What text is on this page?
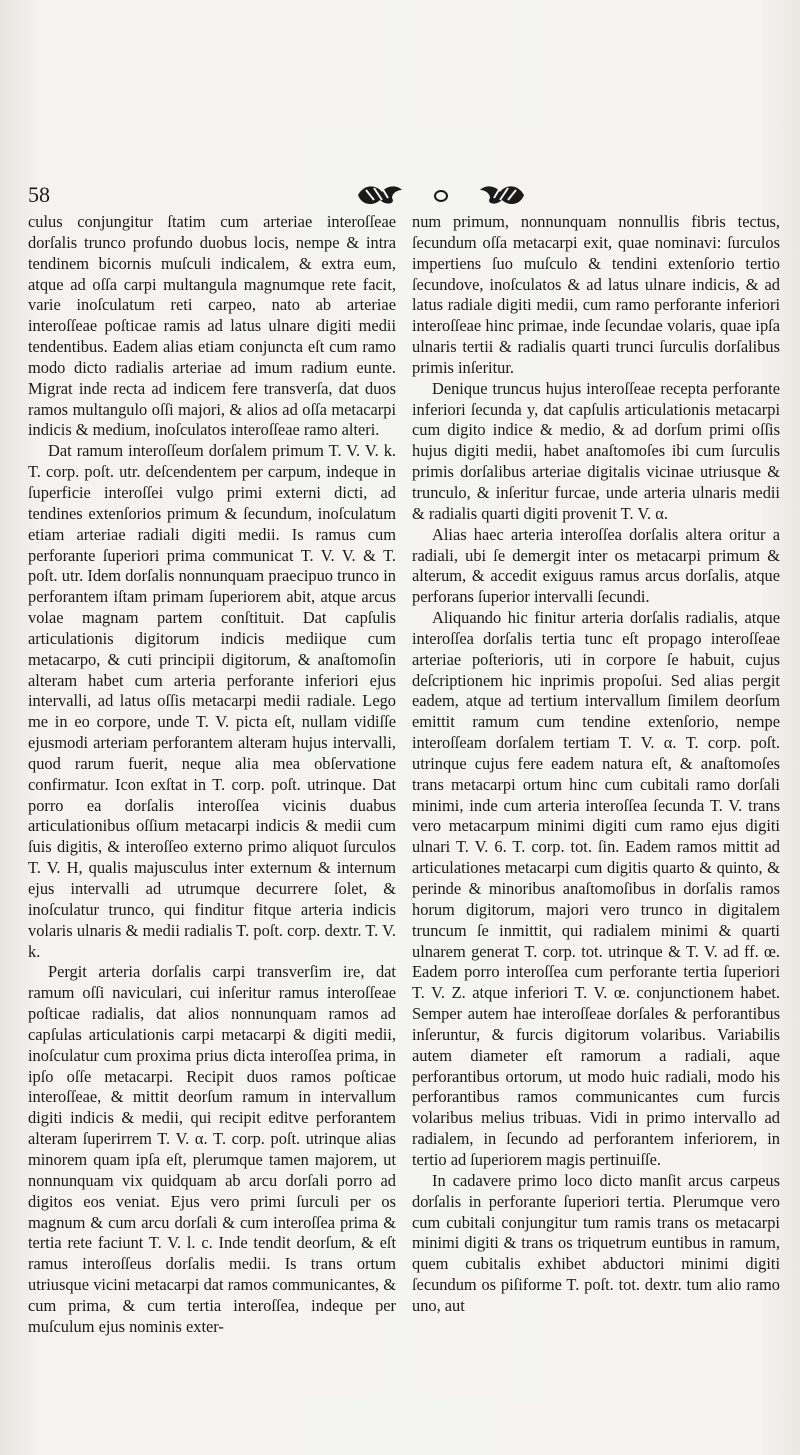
58

culus conjungitur ſtatim cum arteriae interoſſeae dorſalis trunco profundo duobus locis, nempe & intra tendinem bicornis muſculi indicalem, & extra eum, atque ad oſſa carpi multangula magnumque rete facit, varie inoſculatum reti carpeo, nato ab arteriae interoſſeae poſticae ramis ad latus ulnare digiti medii tendentibus. Eadem alias etiam conjuncta eſt cum ramo modo dicto radialis arteriae ad imum radium eunte. Migrat inde recta ad indicem fere transverſa, dat duos ramos multangulo oſſi majori, & alios ad oſſa metacarpi indicis & medium, inoſculatos interoſſeae ramo alteri.

Dat ramum interoſſeum dorſalem primum T. V. V. k. T. corp. poſt. utr. deſcendentem per carpum, indeque in ſuperficie interoſſei vulgo primi externi dicti, ad tendines extenſorios primum & ſecundum, inoſculatum etiam arteriae radiali digiti medii. Is ramus cum perforante ſuperiori prima communicat T. V. V. & T. poſt. utr. Idem dorſalis nonnunquam praecipuo trunco in perforantem iſtam primam ſuperiorem abit, atque arcus volae magnam partem conſtituit. Dat capſulis articulationis digitorum indicis mediique cum metacarpo, & cuti principii digitorum, & anaſtomoſin alteram habet cum arteria perforante inferiori ejus intervalli, ad latus oſſis metacarpi medii radiale. Lego me in eo corpore, unde T. V. picta eſt, nullam vidiſſe ejusmodi arteriam perforantem alteram hujus intervalli, quod rarum fuerit, neque alia mea obſervatione confirmatur. Icon exſtat in T. corp. poſt. utrinque. Dat porro ea dorſalis interoſſea vicinis duabus articulationibus oſſium metacarpi indicis & medii cum ſuis digitis, & interoſſeo externo primo aliquot ſurculos T. V. H, qualis majusculus inter externum & internum ejus intervalli ad utrumque decurrere ſolet, & inoſculatur trunco, qui finditur fitque arteria indicis volaris ulnaris & medii radialis T. poſt. corp. dextr. T. V. k.

Pergit arteria dorſalis carpi transverſim ire, dat ramum oſſi naviculari, cui inſeritur ramus interoſſeae poſticae radialis, dat alios nonnunquam ramos ad capſulas articulationis carpi metacarpi & digiti medii, inoſculatur cum proxima prius dicta interoſſea prima, in ipſo oſſe metacarpi. Recipit duos ramos poſticae interoſſeae, & mittit deorſum ramum in intervallum digiti indicis & medii, qui recipit editve perforantem alteram ſuperirrem T. V. α. T. corp. poſt. utrinque alias minorem quam ipſa eſt, plerumque tamen majorem, ut nonnunquam vix quidquam ab arcu dorſali porro ad digitos eos veniat. Ejus vero primi ſurculi per os magnum & cum arcu dorſali & cum interoſſea prima & tertia rete faciunt T. V. l. c. Inde tendit deorſum, & eſt ramus interoſſeus dorſalis medii. Is trans ortum utriusque vicini metacarpi dat ramos communicantes, & cum prima, & cum tertia interoſſea, indeque per muſculum ejus nominis exter-

num primum, nonnunquam nonnullis fibris tectus, ſecundum oſſa metacarpi exit, quae nominavi: ſurculos impertiens ſuo muſculo & tendini extenſorio tertio ſecundove, inoſculatos & ad latus ulnare indicis, & ad latus radiale digiti medii, cum ramo perforante inferiori interoſſeae hinc primae, inde ſecundae volaris, quae ipſa ulnaris tertii & radialis quarti trunci ſurculis dorſalibus primis inſeritur.

Denique truncus hujus interoſſeae recepta perforante inferiori ſecunda y, dat capſulis articulationis metacarpi cum digito indice & medio, & ad dorſum primi oſſis hujus digiti medii, habet anaſtomoſes ibi cum ſurculis primis dorſalibus arteriae digitalis vicinae utriusque & trunculo, & inſeritur furcae, unde arteria ulnaris medii & radialis quarti digiti provenit T. V. α.

Alias haec arteria interoſſea dorſalis altera oritur a radiali, ubi ſe demergit inter os metacarpi primum & alterum, & accedit exiguus ramus arcus dorſalis, atque perforans ſuperior intervalli ſecundi.

Aliquando hic finitur arteria dorſalis radialis, atque interoſſea dorſalis tertia tunc eſt propago interoſſeae arteriae poſterioris, uti in corpore ſe habuit, cujus deſcriptionem hic inprimis propoſui. Sed alias pergit eadem, atque ad tertium intervallum ſimilem deorſum emittit ramum cum tendine extenſorio, nempe interoſſeam dorſalem tertiam T. V. α. T. corp. poſt. utrinque cujus fere eadem natura eſt, & anaſtomoſes trans metacarpi ortum hinc cum cubitali ramo dorſali minimi, inde cum arteria interoſſea ſecunda T. V. trans vero metacarpum minimi digiti cum ramo ejus digiti ulnari T. V. 6. T. corp. tot. ſin. Eadem ramos mittit ad articulationes metacarpi cum digitis quarto & quinto, & perinde & minoribus anaſtomoſibus in dorſalis ramos horum digitorum, majori vero trunco in digitalem truncum ſe inmittit, qui radialem minimi & quarti ulnarem generat T. corp. tot. utrinque & T. V. ad ff. œ. Eadem porro interoſſea cum perforante tertia ſuperiori T. V. Z. atque inferiori T. V. œ. conjunctionem habet. Semper autem hae interoſſeae dorſales & perforantibus inſeruntur, & furcis digitorum volaribus. Variabilis autem diameter eſt ramorum a radiali, aque perforantibus ortorum, ut modo huic radiali, modo his perforantibus ramos communicantes cum furcis volaribus melius tribuas. Vidi in primo intervallo ad radialem, in ſecundo ad perforantem inferiorem, in tertio ad ſuperiorem magis pertinuiſſe.

In cadavere primo loco dicto manſit arcus carpeus dorſalis in perforante ſuperiori tertia. Plerumque vero cum cubitali conjungitur tum ramis trans os metacarpi minimi digiti & trans os triquetrum euntibus in ramum, quem cubitalis exhibet abductori minimi digiti ſecundum os piſiforme T. poſt. tot. dextr. tum alio ramo uno, aut
